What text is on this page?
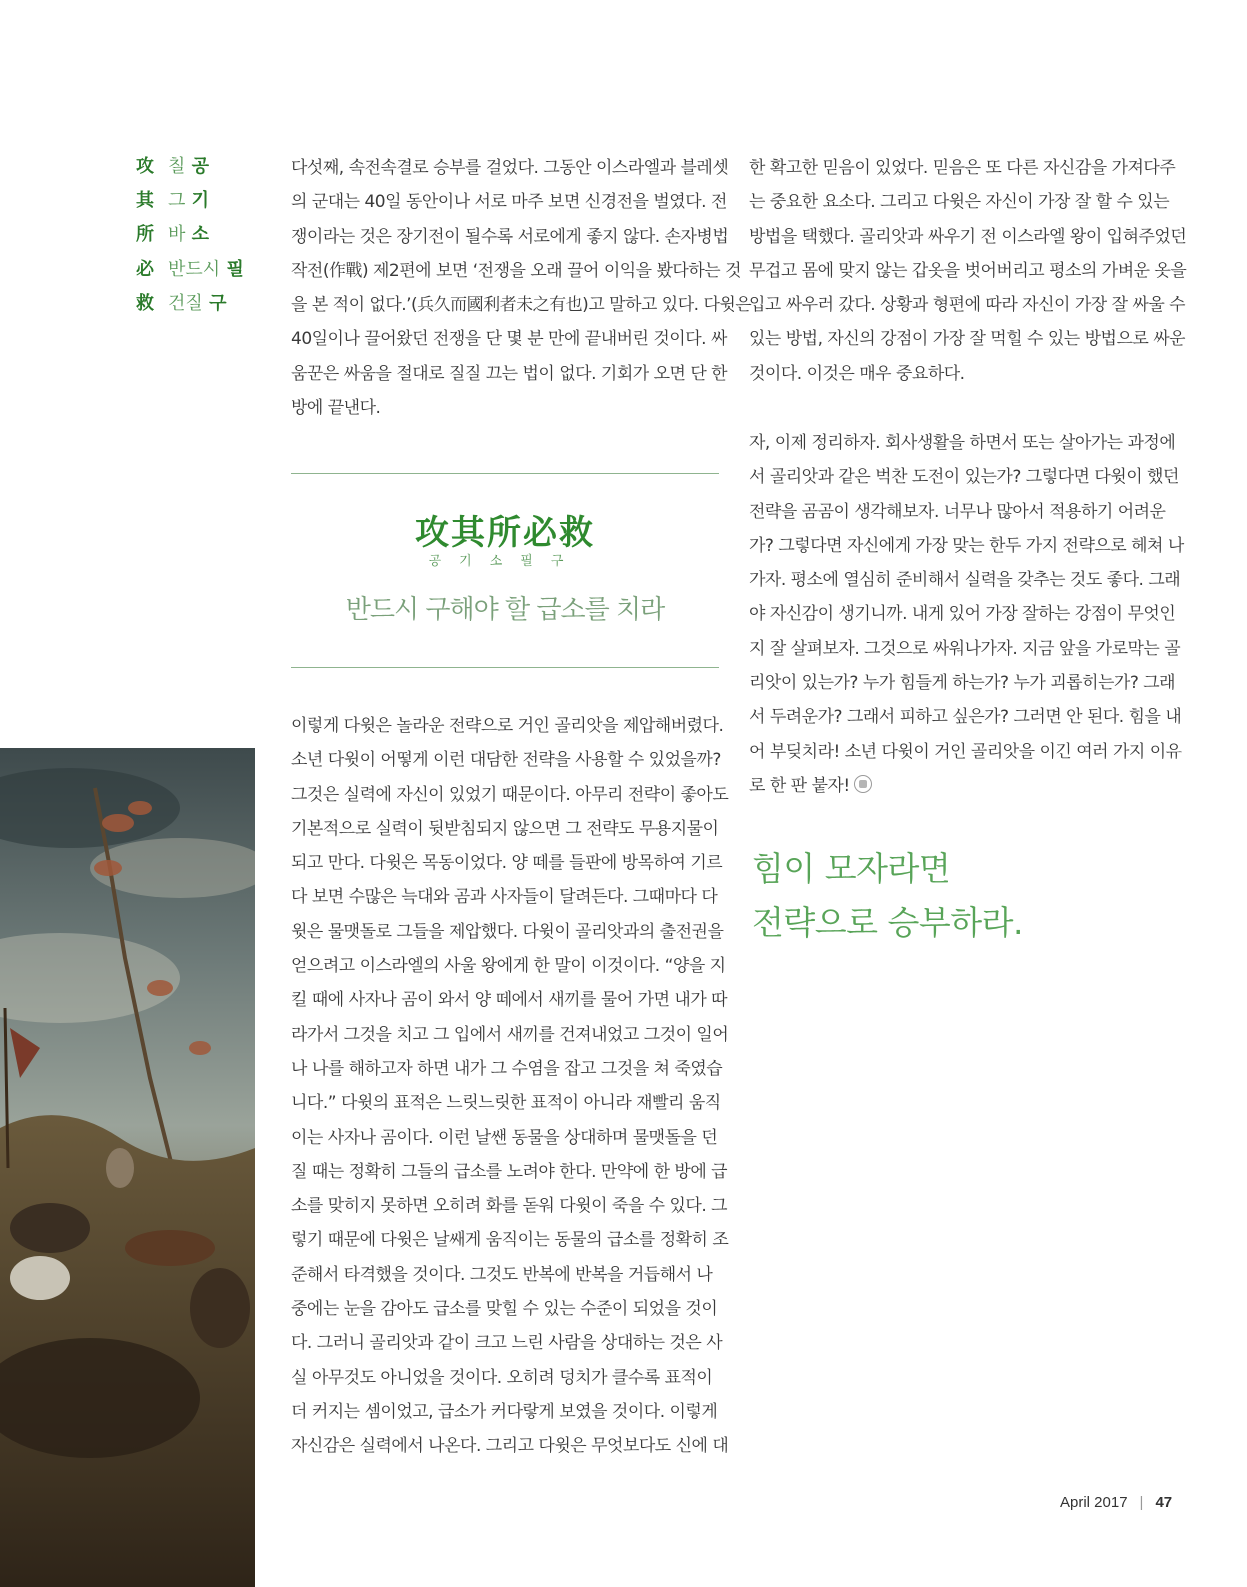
攻 칠 공
其 그 기
所 바 소
必 반드시 필
救 건질 구
다섯째, 속전속결로 승부를 걸었다. 그동안 이스라엘과 블레셋
의 군대는 40일 동안이나 서로 마주 보면 신경전을 벌였다. 전
쟁이라는 것은 장기전이 될수록 서로에게 좋지 않다. 손자병법
작전(作戰) 제2편에 보면 ‘전쟁을 오래 끌어 이익을 봤다하는 것
을 본 적이 없다.’(兵久而國利者未之有也)고 말하고 있다. 다윗은
40일이나 끌어왔던 전쟁을 단 몇 분 만에 끝내버린 것이다. 싸
움꾼은 싸움을 절대로 질질 끄는 법이 없다. 기회가 오면 단 한
방에 끝낸다.
攻其所必救
공기소필구
반드시 구해야 할 급소를 치라
이렇게 다윗은 놀라운 전략으로 거인 골리앗을 제압해버렸다.
소년 다윗이 어떻게 이런 대담한 전략을 사용할 수 있었을까?
그것은 실력에 자신이 있었기 때문이다. 아무리 전략이 좋아도
기본적으로 실력이 뒷받침되지 않으면 그 전략도 무용지물이
되고 만다. 다윗은 목동이었다. 양 떼를 들판에 방목하여 기르
다 보면 수많은 늑대와 곰과 사자들이 달려든다. 그때마다 다
윗은 물맷돌로 그들을 제압했다. 다윗이 골리앗과의 출전권을
얻으려고 이스라엘의 사울 왕에게 한 말이 이것이다. “양을 지
킬 때에 사자나 곰이 와서 양 떼에서 새끼를 물어 가면 내가 따
라가서 그것을 치고 그 입에서 새끼를 건져내었고 그것이 일어
나 나를 해하고자 하면 내가 그 수염을 잡고 그것을 쳐 죽였습
니다.” 다윗의 표적은 느릿느릿한 표적이 아니라 재빨리 움직
이는 사자나 곰이다. 이런 날쌘 동물을 상대하며 물맷돌을 던
질 때는 정확히 그들의 급소를 노려야 한다. 만약에 한 방에 급
소를 맞히지 못하면 오히려 화를 돋워 다윗이 죽을 수 있다. 그
렇기 때문에 다윗은 날쌔게 움직이는 동물의 급소를 정확히 조
준해서 타격했을 것이다. 그것도 반복에 반복을 거듭해서 나
중에는 눈을 감아도 급소를 맞힐 수 있는 수준이 되었을 것이
다. 그러니 골리앗과 같이 크고 느린 사람을 상대하는 것은 사
실 아무것도 아니었을 것이다. 오히려 덩치가 클수록 표적이
더 커지는 셈이었고, 급소가 커다랗게 보였을 것이다. 이렇게
자신감은 실력에서 나온다. 그리고 다윗은 무엇보다도 신에 대
한 확고한 믿음이 있었다. 믿음은 또 다른 자신감을 가져다주
는 중요한 요소다. 그리고 다윗은 자신이 가장 잘 할 수 있는
방법을 택했다. 골리앗과 싸우기 전 이스라엘 왕이 입혀주었던
무겁고 몸에 맞지 않는 갑옷을 벗어버리고 평소의 가벼운 옷을
입고 싸우러 갔다. 상황과 형편에 따라 자신이 가장 잘 싸울 수
있는 방법, 자신의 강점이 가장 잘 먹힐 수 있는 방법으로 싸운
것이다. 이것은 매우 중요하다.
자, 이제 정리하자. 회사생활을 하면서 또는 살아가는 과정에
서 골리앗과 같은 벅찬 도전이 있는가? 그렇다면 다윗이 했던
전략을 곰곰이 생각해보자. 너무나 많아서 적용하기 어려운
가? 그렇다면 자신에게 가장 맞는 한두 가지 전략으로 헤쳐 나
가자. 평소에 열심히 준비해서 실력을 갖추는 것도 좋다. 그래
야 자신감이 생기니까. 내게 있어 가장 잘하는 강점이 무엇인
지 잘 살펴보자. 그것으로 싸워나가자. 지금 앞을 가로막는 골
리앗이 있는가? 누가 힘들게 하는가? 누가 괴롭히는가? 그래
서 두려운가? 그래서 피하고 싶은가? 그러면 안 된다. 힘을 내
어 부딪치라! 소년 다윗이 거인 골리앗을 이긴 여러 가지 이유
로 한 판 붙자!
힘이 모자라면
전략으로 승부하라.
April 2017 | 47
